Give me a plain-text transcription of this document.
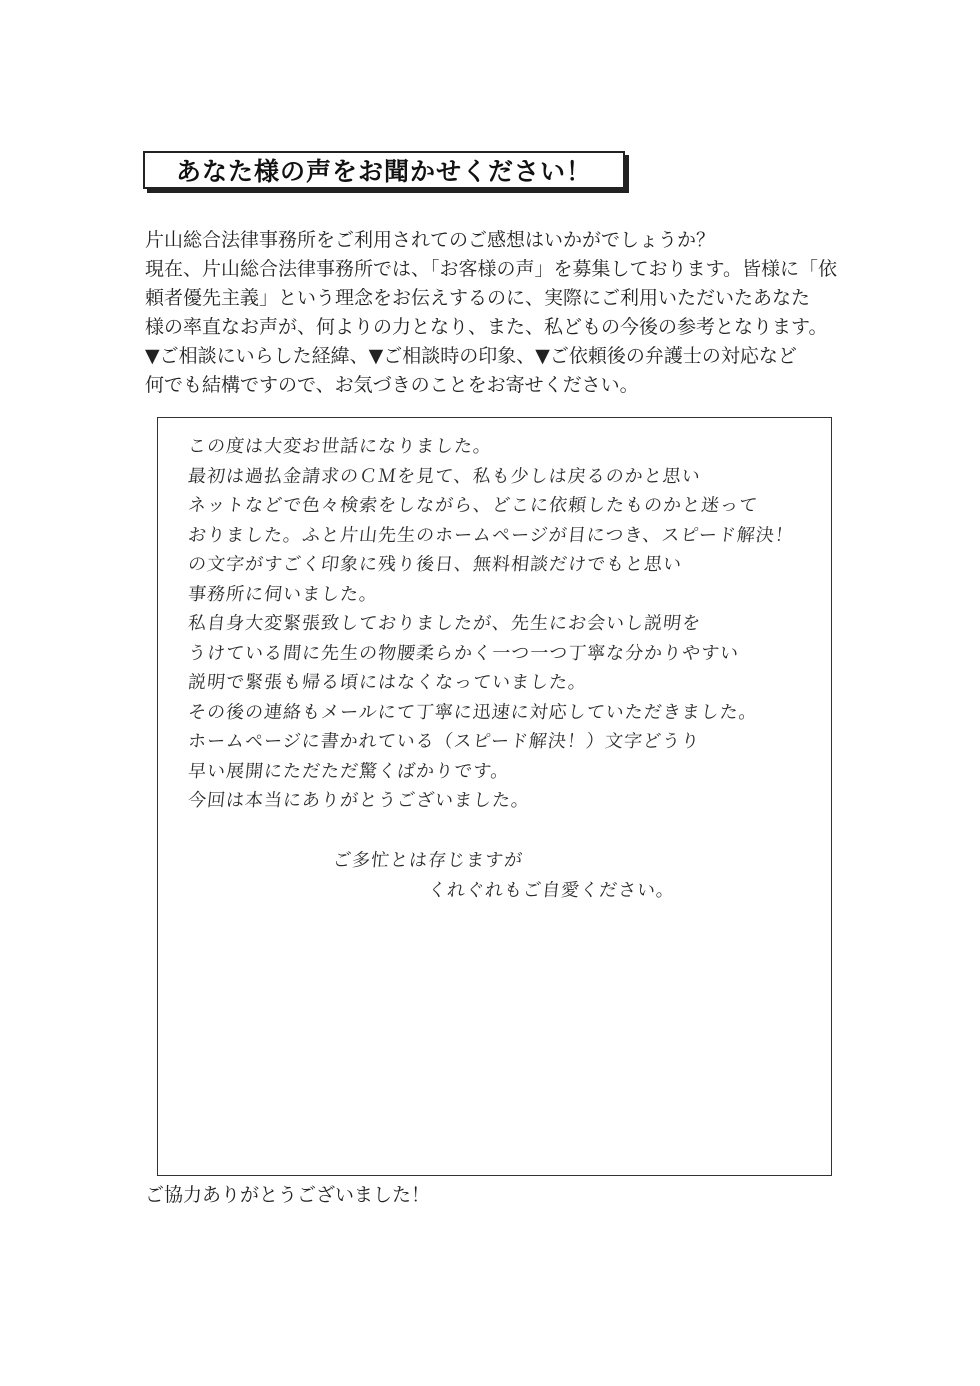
あなた様の声をお聞かせください！
片山総合法律事務所をご利用されてのご感想はいかがでしょうか？
現在、片山総合法律事務所では、「お客様の声」を募集しております。皆様に「依
頼者優先主義」という理念をお伝えするのに、実際にご利用いただいたあなた
様の率直なお声が、何よりの力となり、また、私どもの今後の参考となります。
▼ご相談にいらした経緯、▼ご相談時の印象、▼ご依頼後の弁護士の対応など
何でも結構ですので、お気づきのことをお寄せください。
この度は大変お世話になりました。
最初は過払金請求のＣＭを見て、私も少しは戻るのかと思い
ネットなどで色々検索をしながら、どこに依頼したものかと迷って
おりました。ふと片山先生のホームページが目につき、スピード解決！
の文字がすごく印象に残り後日、無料相談だけでもと思い
事務所に伺いました。
私自身大変緊張致しておりましたが、先生にお会いし説明を
うけている間に先生の物腰柔らかく一つ一つ丁寧な分かりやすい
説明で緊張も帰る頃にはなくなっていました。
その後の連絡もメールにて丁寧に迅速に対応していただきました。
ホームページに書かれている（スピード解決！）文字どうり
早い展開にただただ驚くばかりです。
今回は本当にありがとうございました。
ご多忙とは存じますが
くれぐれもご自愛ください。
ご協力ありがとうございました！
